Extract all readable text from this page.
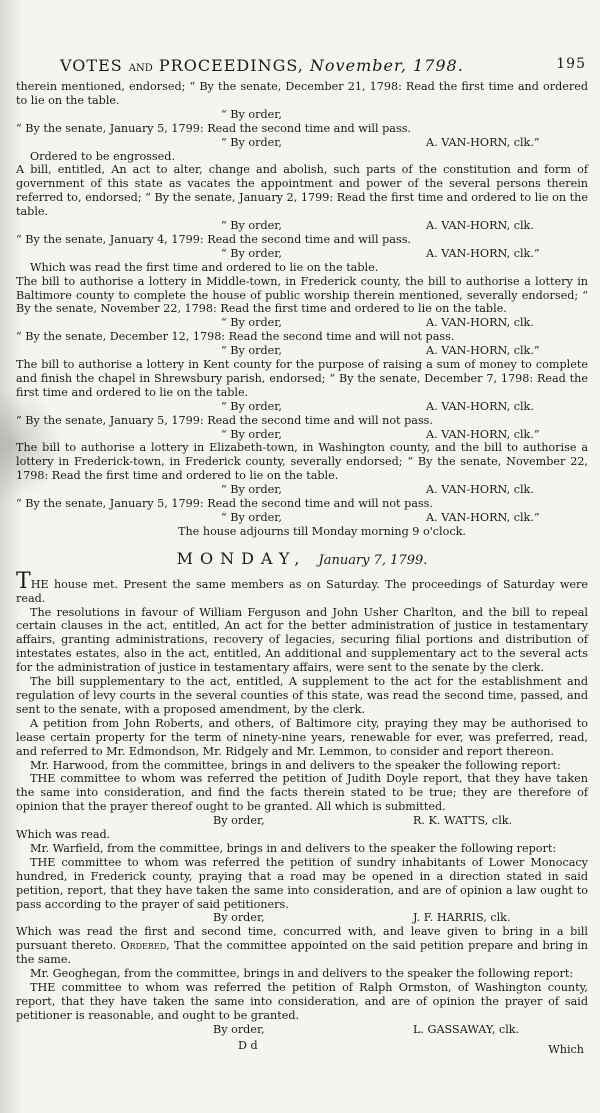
VOTES AND PROCEEDINGS, November, 1798.	195

therein mentioned, endorsed; “ By the senate, December 21, 1798: Read the first time and ordered to lie on the table.

“ By order,

“ By the senate, January 5, 1799: Read the second time and will pass.

“ By order,	A. VAN-HORN, clk.”

Ordered to be engrossed.

A bill, entitled, An act to alter, change and abolish, such parts of the constitution and form of government of this state as vacates the appointment and power of the several persons therein referred to, endorsed; “ By the senate, January 2, 1799: Read the first time and ordered to lie on the table.

“ By order,	A. VAN-HORN, clk.

“ By the senate, January 4, 1799: Read the second time and will pass.

“ By order,	A. VAN-HORN, clk.”

Which was read the first time and ordered to lie on the table.

The bill to authorise a lottery in Middle-town, in Frederick county, the bill to authorise a lottery in Baltimore county to complete the house of public worship therein mentioned, severally endorsed; “ By the senate, November 22, 1798: Read the first time and ordered to lie on the table.

“ By order,	A. VAN-HORN, clk.

“ By the senate, December 12, 1798: Read the second time and will not pass.

“ By order,	A. VAN-HORN, clk.”

The bill to authorise a lottery in Kent county for the purpose of raising a sum of money to complete and finish the chapel in Shrewsbury parish, endorsed; “ By the senate, December 7, 1798: Read the first time and ordered to lie on the table.

“ By order,	A. VAN-HORN, clk.

“ By the senate, January 5, 1799: Read the second time and will not pass.

“ By order,	A. VAN-HORN, clk.”

The bill to authorise a lottery in Elizabeth-town, in Washington county, and the bill to authorise a lottery in Frederick-town, in Frederick county, severally endorsed; “ By the senate, November 22, 1798: Read the first time and ordered to lie on the table.

“ By order,	A. VAN-HORN, clk.

“ By the senate, January 5, 1799: Read the second time and will not pass.

“ By order,	A. VAN-HORN, clk.”

The house adjourns till Monday morning 9 o'clock.

MONDAY, January 7, 1799.

THE house met. Present the same members as on Saturday. The proceedings of Saturday were read.

The resolutions in favour of William Ferguson and John Usher Charlton, and the bill to repeal certain clauses in the act, entitled, An act for the better administration of justice in testamentary affairs, granting administrations, recovery of legacies, securing filial portions and distribution of intestates estates, also in the act, entitled, An additional and supplementary act to the several acts for the administration of justice in testamentary affairs, were sent to the senate by the clerk.

The bill supplementary to the act, entitled, A supplement to the act for the establishment and regulation of levy courts in the several counties of this state, was read the second time, passed, and sent to the senate, with a proposed amendment, by the clerk.

A petition from John Roberts, and others, of Baltimore city, praying they may be authorised to lease certain property for the term of ninety-nine years, renewable for ever, was preferred, read, and referred to Mr. Edmondson, Mr. Ridgely and Mr. Lemmon, to consider and report thereon.

Mr. Harwood, from the committee, brings in and delivers to the speaker the following report:

THE committee to whom was referred the petition of Judith Doyle report, that they have taken the same into consideration, and find the facts therein stated to be true; they are therefore of opinion that the prayer thereof ought to be granted. All which is submitted.

By order,	R. K. WATTS, clk.

Which was read.

Mr. Warfield, from the committee, brings in and delivers to the speaker the following report:

THE committee to whom was referred the petition of sundry inhabitants of Lower Monocacy hundred, in Frederick county, praying that a road may be opened in a direction stated in said petition, report, that they have taken the same into consideration, and are of opinion a law ought to pass according to the prayer of said petitioners.

By order,	J. F. HARRIS, clk.

Which was read the first and second time, concurred with, and leave given to bring in a bill pursuant thereto. Ordered, That the committee appointed on the said petition prepare and bring in the same.

Mr. Geoghegan, from the committee, brings in and delivers to the speaker the following report:

THE committee to whom was referred the petition of Ralph Ormston, of Washington county, report, that they have taken the same into consideration, and are of opinion the prayer of said petitioner is reasonable, and ought to be granted.

By order,	L. GASSAWAY, clk.
D d	Which
